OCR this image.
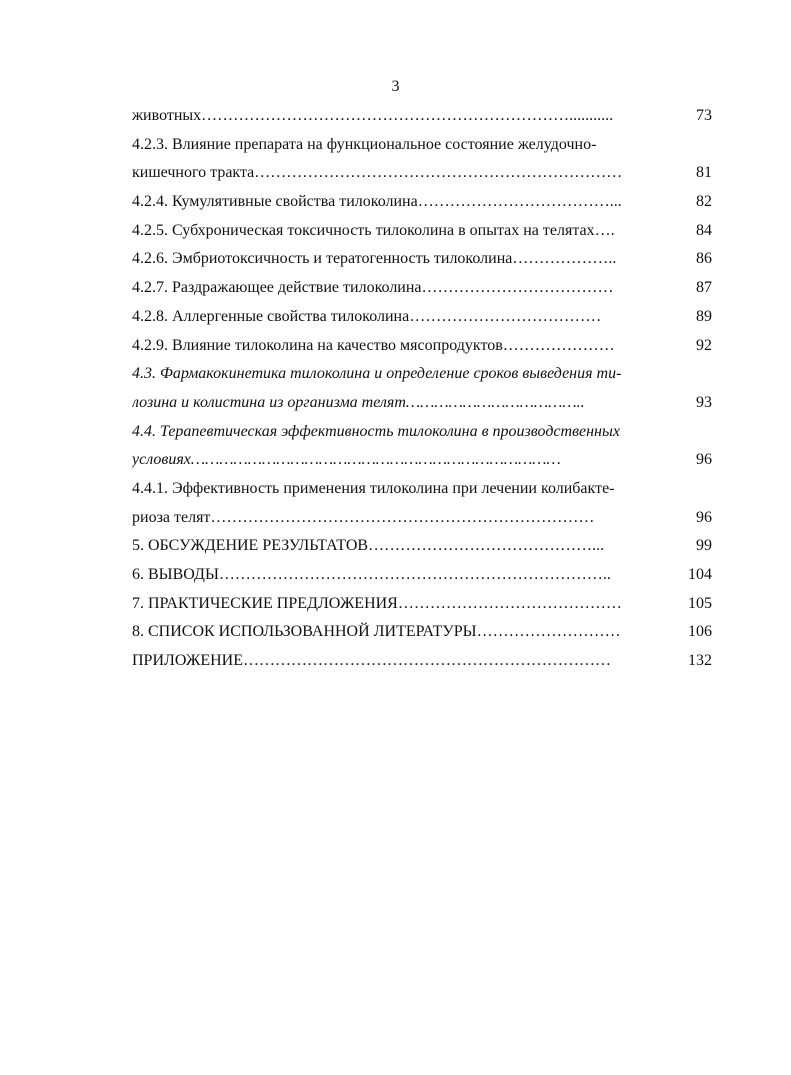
3
животных……………………………………………………………...........	73
4.2.3. Влияние препарата на функциональное состояние желудочно-
кишечного тракта……………………………………………………………	81
4.2.4. Кумулятивные свойства тилоколина………………………………...	82
4.2.5. Субхроническая токсичность тилоколина в опытах на телятах….	84
4.2.6. Эмбриотоксичность и тератогенность тилоколина………………..	86
4.2.7. Раздражающее действие тилоколина………………………………	87
4.2.8. Аллергенные свойства тилоколина………………………………	89
4.2.9. Влияние тилоколина на качество мясопродуктов…………………	92
4.3. Фармакокинетика тилоколина и определение сроков выведения ти-
лозина и колистина из организма телят………………………………..	93
4.4. Терапевтическая эффективность тилоколина в производственных
условиях……………………………………………………………………	96
4.4.1. Эффективность применения тилоколина при лечении колибакте-
риоза телят………………………………………………………………	96
5. ОБСУЖДЕНИЕ РЕЗУЛЬТАТОВ……………………………………...	99
6. ВЫВОДЫ………………………………………………………………..	104
7. ПРАКТИЧЕСКИЕ ПРЕДЛОЖЕНИЯ……………………………………	105
8. СПИСОК ИСПОЛЬЗОВАННОЙ ЛИТЕРАТУРЫ………………………	106
ПРИЛОЖЕНИЕ……………………………………………………………	132
